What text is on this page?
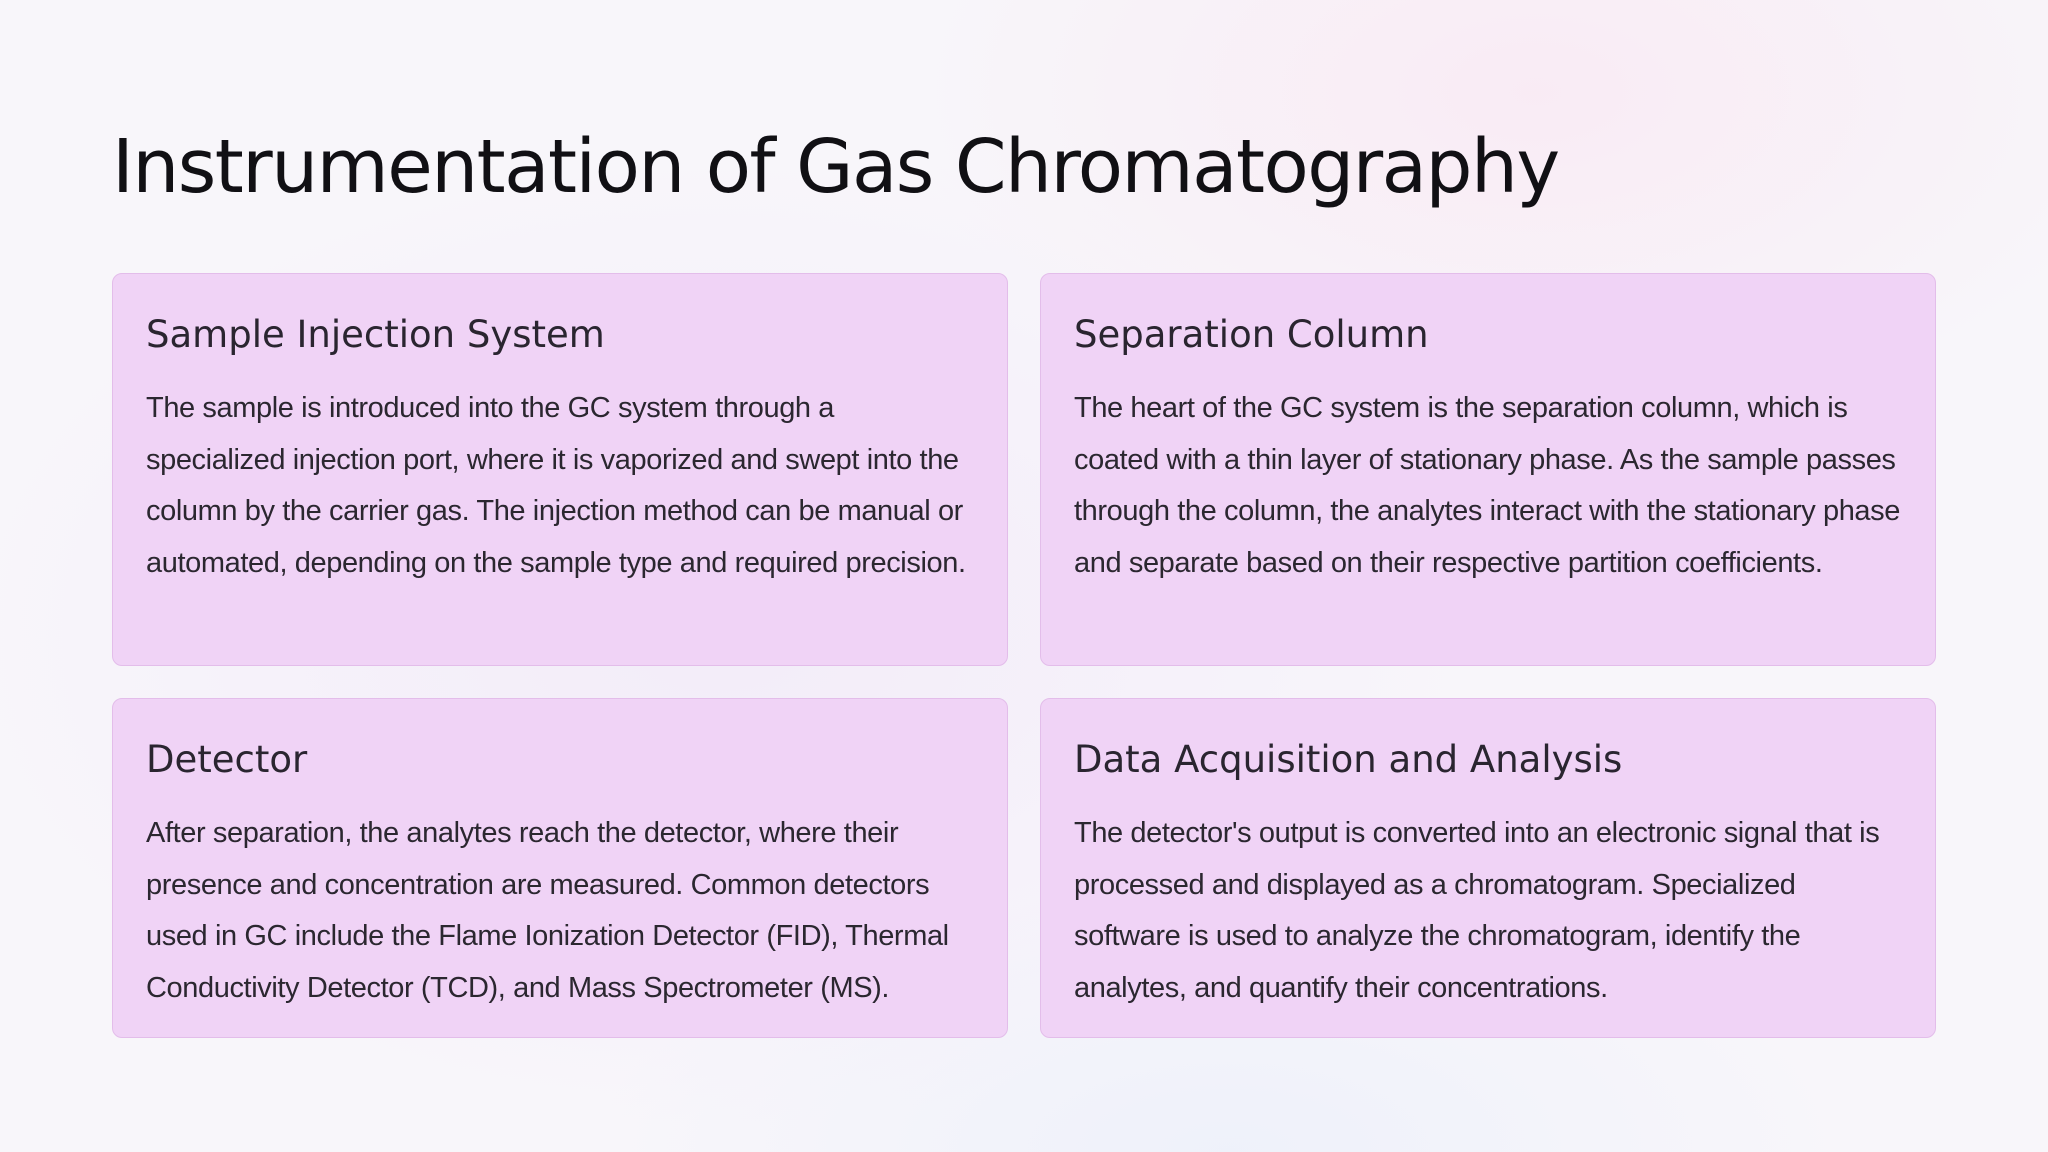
Instrumentation of Gas Chromatography
Sample Injection System

The sample is introduced into the GC system through a specialized injection port, where it is vaporized and swept into the column by the carrier gas. The injection method can be manual or automated, depending on the sample type and required precision.

Separation Column

The heart of the GC system is the separation column, which is coated with a thin layer of stationary phase. As the sample passes through the column, the analytes interact with the stationary phase and separate based on their respective partition coefficients.

Detector

After separation, the analytes reach the detector, where their presence and concentration are measured. Common detectors used in GC include the Flame Ionization Detector (FID), Thermal Conductivity Detector (TCD), and Mass Spectrometer (MS).

Data Acquisition and Analysis

The detector's output is converted into an electronic signal that is processed and displayed as a chromatogram. Specialized software is used to analyze the chromatogram, identify the analytes, and quantify their concentrations.
